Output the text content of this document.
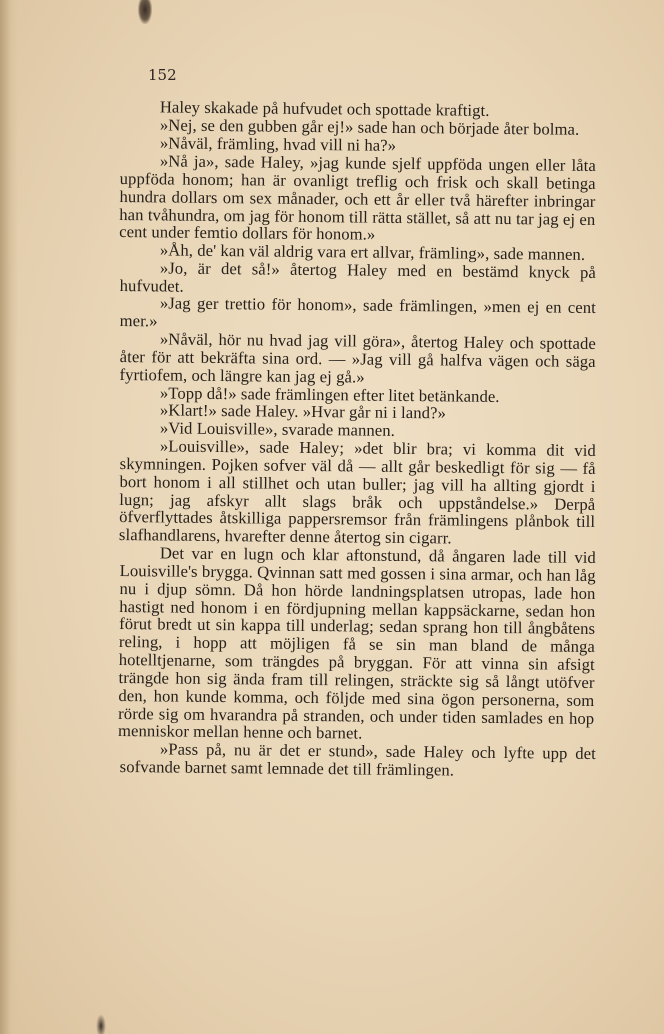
152

Haley skakade på hufvudet och spottade kraftigt.

»Nej, se den gubben går ej!» sade han och började åter bolma.

»Nåväl, främling, hvad vill ni ha?»

»Nå ja», sade Haley, »jag kunde sjelf uppföda ungen eller låta uppföda honom; han är ovanligt treflig och frisk och skall betinga hundra dollars om sex månader, och ett år eller två härefter inbringar han tvåhundra, om jag för honom till rätta stället, så att nu tar jag ej en cent under femtio dollars för honom.»

»Åh, de' kan väl aldrig vara ert allvar, främling», sade mannen.

»Jo, är det så!» återtog Haley med en bestämd knyck på hufvudet.

»Jag ger trettio för honom», sade främlingen, »men ej en cent mer.»

»Nåväl, hör nu hvad jag vill göra», återtog Haley och spottade åter för att bekräfta sina ord. — »Jag vill gå halfva vägen och säga fyrtiofem, och längre kan jag ej gå.»

»Topp då!» sade främlingen efter litet betänkande.

»Klart!» sade Haley. »Hvar går ni i land?»

»Vid Louisville», svarade mannen.

»Louisville», sade Haley; »det blir bra; vi komma dit vid skymningen. Pojken sofver väl då — allt går beskedligt för sig — få bort honom i all stillhet och utan buller; jag vill ha allting gjordt i lugn; jag afskyr allt slags bråk och uppståndelse.» Derpå öfverflyttades åtskilliga pappersremsor från främlingens plånbok till slafhandlarens, hvarefter denne återtog sin cigarr.

Det var en lugn och klar aftonstund, då ångaren lade till vid Louisville's brygga. Qvinnan satt med gossen i sina armar, och han låg nu i djup sömn. Då hon hörde landningsplatsen utropas, lade hon hastigt ned honom i en fördjupning mellan kappsäckarne, sedan hon förut bredt ut sin kappa till underlag; sedan sprang hon till ångbåtens reling, i hopp att möjligen få se sin man bland de många hotelltjenarne, som trängdes på bryggan. För att vinna sin afsigt trängde hon sig ända fram till relingen, sträckte sig så långt utöfver den, hon kunde komma, och följde med sina ögon personerna, som rörde sig om hvarandra på stranden, och under tiden samlades en hop menniskor mellan henne och barnet.

»Pass på, nu är det er stund», sade Haley och lyfte upp det sofvande barnet samt lemnade det till främlingen.
